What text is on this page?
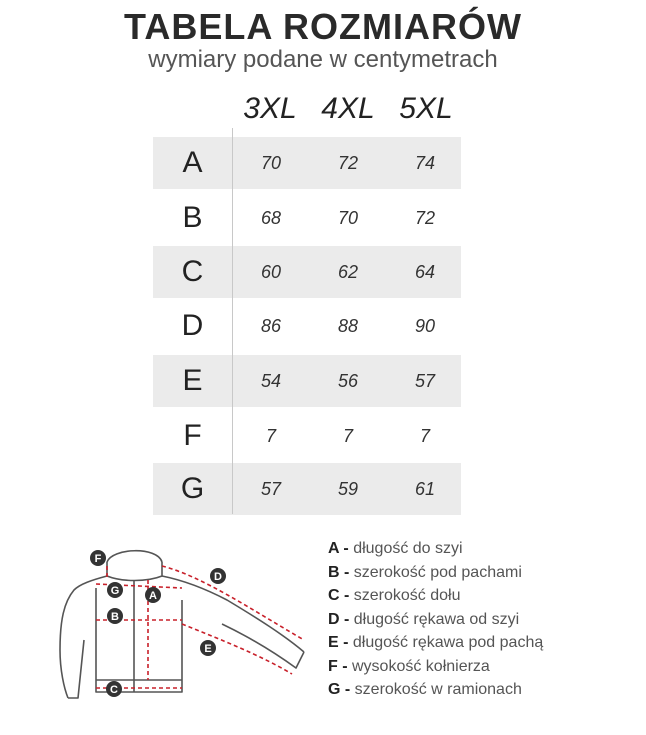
TABELA ROZMIARÓW
wymiary podane w centymetrach
3XL 4XL 5XL
A	70	72	74
B	68	70	72
C	60	62	64
D	86	88	90
E	54	56	57
F	7	7	7
G	57	59	61
F
G	A
B
D
E
C
A - długość do szyi
B - szerokość pod pachami
C - szerokość dołu
D - długość rękawa od szyi
E - długość rękawa pod pachą
F - wysokość kołnierza
G - szerokość w ramionach
